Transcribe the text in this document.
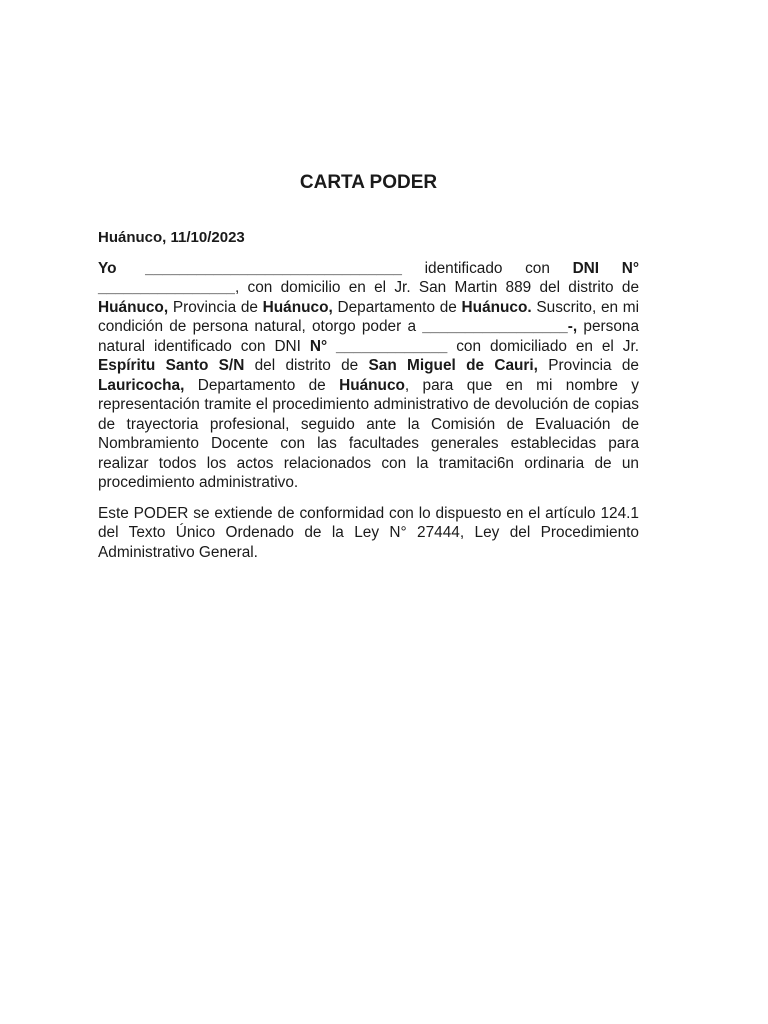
CARTA PODER
Huánuco, 11/10/2023

Yo ______________________________ identificado con DNI N° ________________, con domicilio en el Jr. San Martin 889 del distrito de Huánuco, Provincia de Huánuco, Departamento de Huánuco. Suscrito, en mi condición de persona natural, otorgo poder a _________________-, persona natural identificado con DNI N° _____________ con domiciliado en el Jr. Espíritu Santo S/N del distrito de San Miguel de Cauri, Provincia de Lauricocha, Departamento de Huánuco, para que en mi nombre y representación tramite el procedimiento administrativo de devolución de copias de trayectoria profesional, seguido ante la Comisión de Evaluación de Nombramiento Docente con las facultades generales establecidas para realizar todos los actos relacionados con la tramitaci6n ordinaria de un procedimiento administrativo.

Este PODER se extiende de conformidad con lo dispuesto en el artículo 124.1 del Texto Único Ordenado de la Ley N° 27444, Ley del Procedimiento Administrativo General.
